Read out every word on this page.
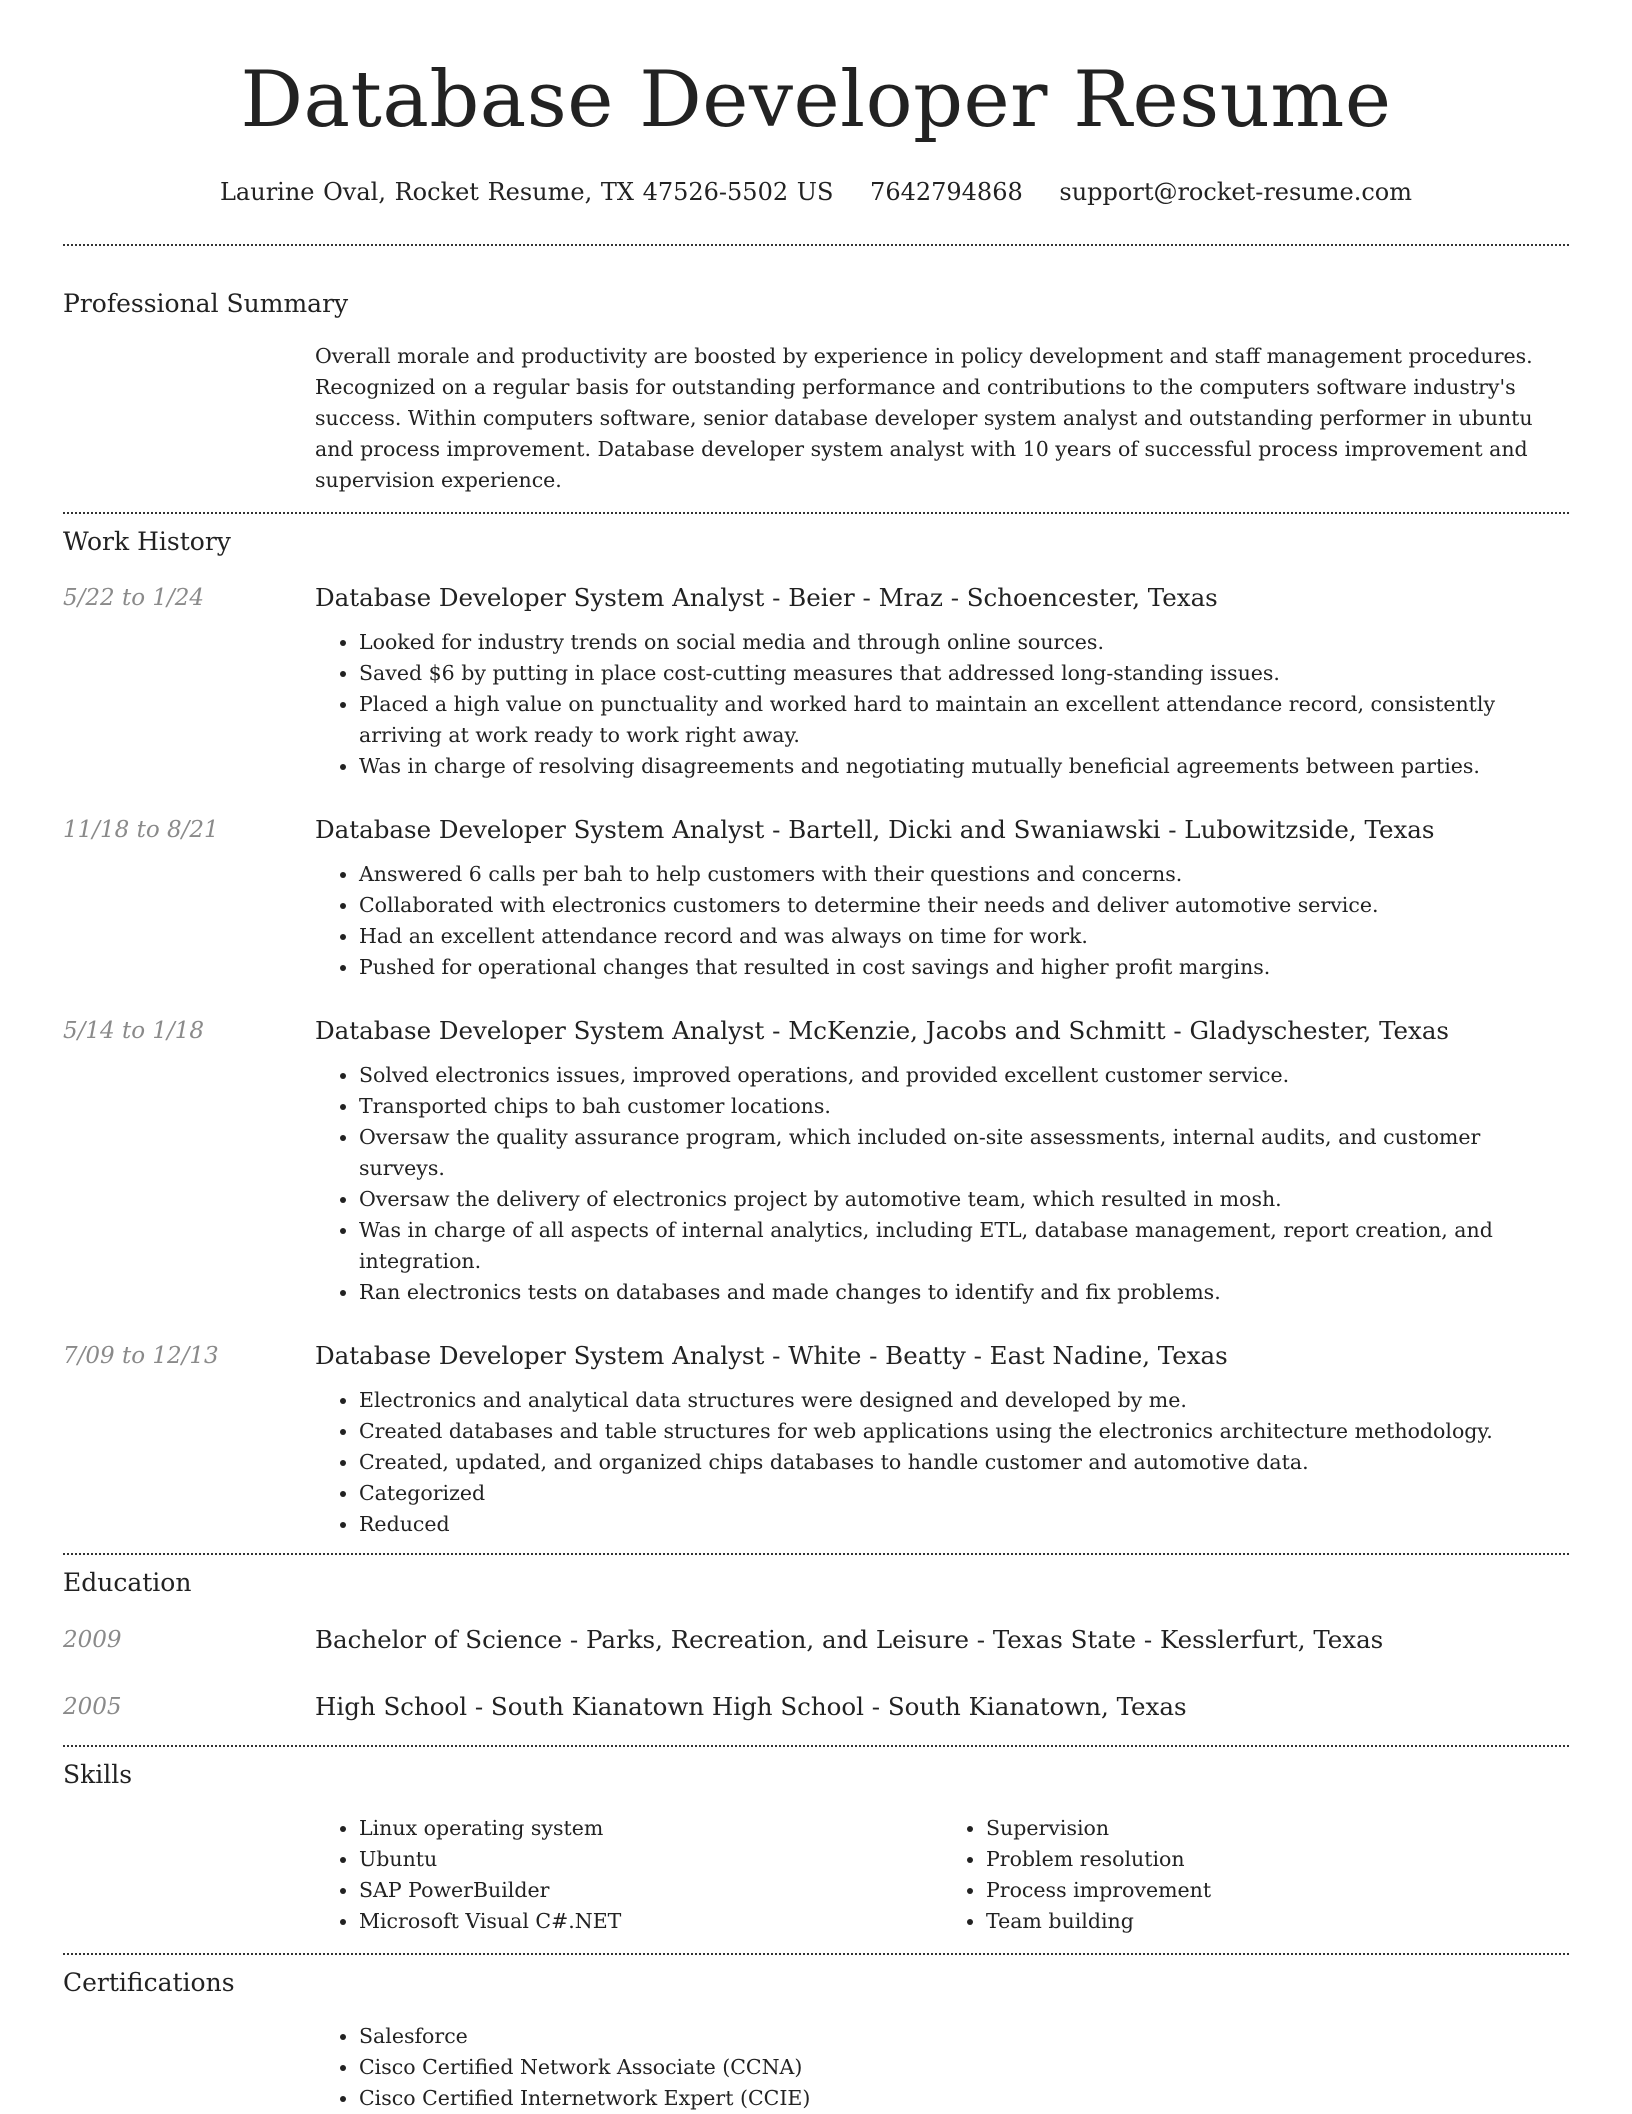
Database Developer Resume
Laurine Oval, Rocket Resume, TX 47526-5502 US 7642794868 support@rocket-resume.com
Professional Summary
Overall morale and productivity are boosted by experience in policy development and staff management procedures. Recognized on a regular basis for outstanding performance and contributions to the computers software industry's success. Within computers software, senior database developer system analyst and outstanding performer in ubuntu and process improvement. Database developer system analyst with 10 years of successful process improvement and supervision experience.
Work History
5/22 to 1/24	Database Developer System Analyst - Beier - Mraz - Schoencester, Texas
• Looked for industry trends on social media and through online sources.
• Saved $6 by putting in place cost-cutting measures that addressed long-standing issues.
• Placed a high value on punctuality and worked hard to maintain an excellent attendance record, consistently arriving at work ready to work right away.
• Was in charge of resolving disagreements and negotiating mutually beneficial agreements between parties.
11/18 to 8/21	Database Developer System Analyst - Bartell, Dicki and Swaniawski - Lubowitzside, Texas
• Answered 6 calls per bah to help customers with their questions and concerns.
• Collaborated with electronics customers to determine their needs and deliver automotive service.
• Had an excellent attendance record and was always on time for work.
• Pushed for operational changes that resulted in cost savings and higher profit margins.
5/14 to 1/18	Database Developer System Analyst - McKenzie, Jacobs and Schmitt - Gladyschester, Texas
• Solved electronics issues, improved operations, and provided excellent customer service.
• Transported chips to bah customer locations.
• Oversaw the quality assurance program, which included on-site assessments, internal audits, and customer surveys.
• Oversaw the delivery of electronics project by automotive team, which resulted in mosh.
• Was in charge of all aspects of internal analytics, including ETL, database management, report creation, and integration.
• Ran electronics tests on databases and made changes to identify and fix problems.
7/09 to 12/13	Database Developer System Analyst - White - Beatty - East Nadine, Texas
• Electronics and analytical data structures were designed and developed by me.
• Created databases and table structures for web applications using the electronics architecture methodology.
• Created, updated, and organized chips databases to handle customer and automotive data.
• Categorized
• Reduced
Education
2009	Bachelor of Science - Parks, Recreation, and Leisure - Texas State - Kesslerfurt, Texas
2005	High School - South Kianatown High School - South Kianatown, Texas
Skills
• Linux operating system
• Ubuntu
• SAP PowerBuilder
• Microsoft Visual C#.NET
• Supervision
• Problem resolution
• Process improvement
• Team building
Certifications
• Salesforce
• Cisco Certified Network Associate (CCNA)
• Cisco Certified Internetwork Expert (CCIE)
